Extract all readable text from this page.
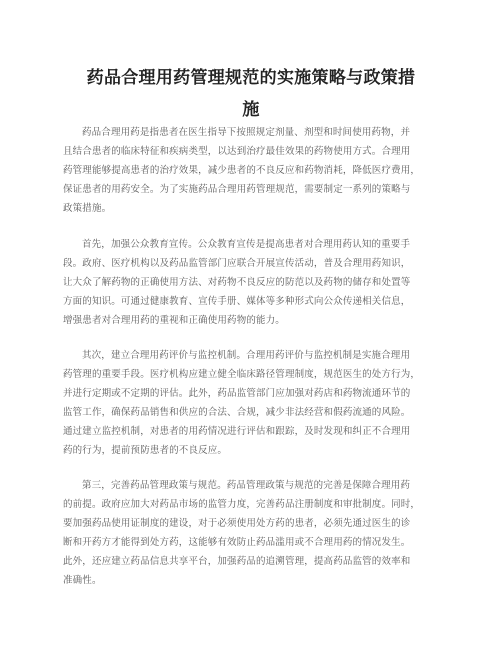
药品合理用药管理规范的实施策略与政策措
施
药品合理用药是指患者在医生指导下按照规定剂量、剂型和时间使用药物，并
且结合患者的临床特征和疾病类型，以达到治疗最佳效果的药物使用方式。合理用
药管理能够提高患者的治疗效果，减少患者的不良反应和药物消耗，降低医疗费用，
保证患者的用药安全。为了实施药品合理用药管理规范，需要制定一系列的策略与
政策措施。
首先，加强公众教育宣传。公众教育宣传是提高患者对合理用药认知的重要手
段。政府、医疗机构以及药品监管部门应联合开展宣传活动，普及合理用药知识，
让大众了解药物的正确使用方法、对药物不良反应的防范以及药物的储存和处置等
方面的知识。可通过健康教育、宣传手册、媒体等多种形式向公众传递相关信息，
增强患者对合理用药的重视和正确使用药物的能力。
其次，建立合理用药评价与监控机制。合理用药评价与监控机制是实施合理用
药管理的重要手段。医疗机构应建立健全临床路径管理制度，规范医生的处方行为，
并进行定期或不定期的评估。此外，药品监管部门应加强对药店和药物流通环节的
监管工作，确保药品销售和供应的合法、合规，减少非法经营和假药流通的风险。
通过建立监控机制，对患者的用药情况进行评估和跟踪，及时发现和纠正不合理用
药的行为，提前预防患者的不良反应。
第三，完善药品管理政策与规范。药品管理政策与规范的完善是保障合理用药
的前提。政府应加大对药品市场的监管力度，完善药品注册制度和审批制度。同时，
要加强药品使用证制度的建设，对于必须使用处方药的患者，必须先通过医生的诊
断和开药方才能得到处方药，这能够有效防止药品滥用或不合理用药的情况发生。
此外，还应建立药品信息共享平台，加强药品的追溯管理，提高药品监管的效率和
准确性。
